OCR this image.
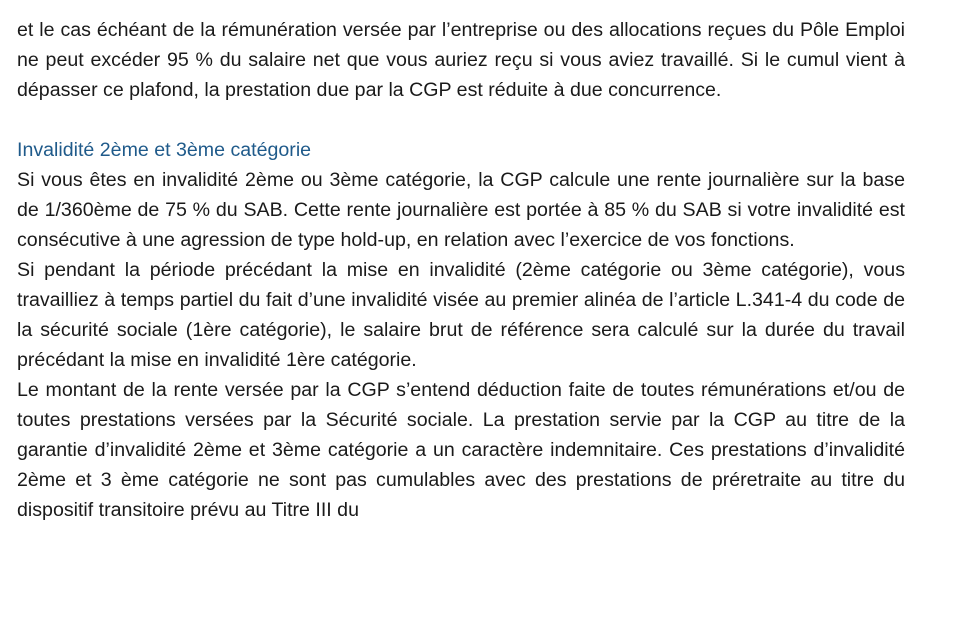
et le cas échéant de la rémunération versée par l’entreprise ou des allocations reçues du Pôle Emploi ne peut excéder 95 % du salaire net que vous auriez reçu si vous aviez travaillé. Si le cumul vient à dépasser ce plafond, la prestation due par la CGP est réduite à due concurrence.

Invalidité 2ème et 3ème catégorie

Si vous êtes en invalidité 2ème ou 3ème catégorie, la CGP calcule une rente journalière sur la base de 1/360ème de 75 % du SAB. Cette rente journalière est portée à 85 % du SAB si votre invalidité est consécutive à une agression de type hold-up, en relation avec l’exercice de vos fonctions.

Si pendant la période précédant la mise en invalidité (2ème catégorie ou 3ème catégorie), vous travailliez à temps partiel du fait d’une invalidité visée au premier alinéa de l’article L.341-4 du code de la sécurité sociale (1ère catégorie), le salaire brut de référence sera calculé sur la durée du travail précédant la mise en invalidité 1ère catégorie.

Le montant de la rente versée par la CGP s’entend déduction faite de toutes rémunérations et/ou de toutes prestations versées par la Sécurité sociale. La prestation servie par la CGP au titre de la garantie d’invalidité 2ème et 3ème catégorie a un caractère indemnitaire. Ces prestations d’invalidité 2ème et 3 ème catégorie ne sont pas cumulables avec des prestations de préretraite au titre du dispositif transitoire prévu au Titre III du
